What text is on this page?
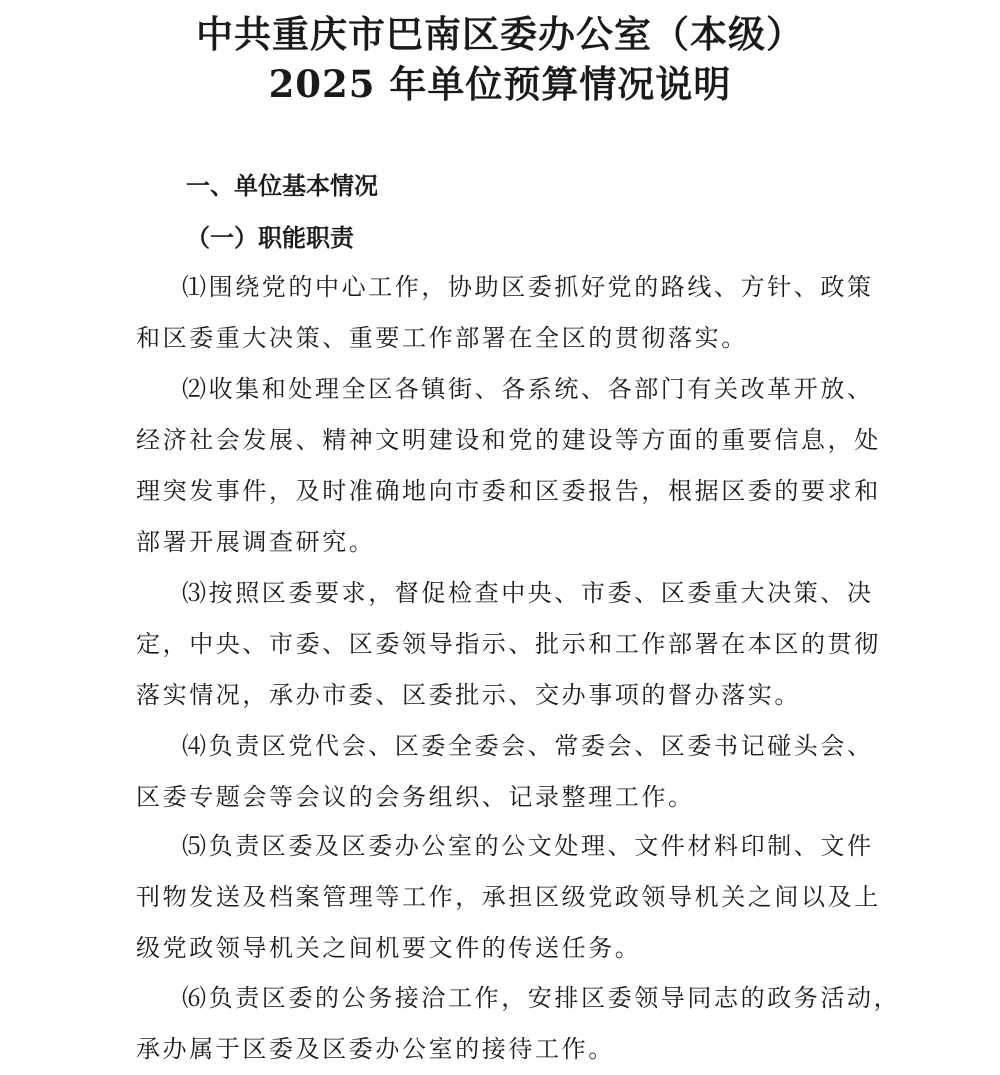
中共重庆市巴南区委办公室（本级）
2025 年单位预算情况说明
一、单位基本情况
（一）职能职责
⑴围绕党的中心工作，协助区委抓好党的路线、方针、政策
和区委重大决策、重要工作部署在全区的贯彻落实。
⑵收集和处理全区各镇街、各系统、各部门有关改革开放、
经济社会发展、精神文明建设和党的建设等方面的重要信息，处
理突发事件，及时准确地向市委和区委报告，根据区委的要求和
部署开展调查研究。
⑶按照区委要求，督促检查中央、市委、区委重大决策、决
定，中央、市委、区委领导指示、批示和工作部署在本区的贯彻
落实情况，承办市委、区委批示、交办事项的督办落实。
⑷负责区党代会、区委全委会、常委会、区委书记碰头会、
区委专题会等会议的会务组织、记录整理工作。
⑸负责区委及区委办公室的公文处理、文件材料印制、文件
刊物发送及档案管理等工作，承担区级党政领导机关之间以及上
级党政领导机关之间机要文件的传送任务。
⑹负责区委的公务接洽工作，安排区委领导同志的政务活动，
承办属于区委及区委办公室的接待工作。
